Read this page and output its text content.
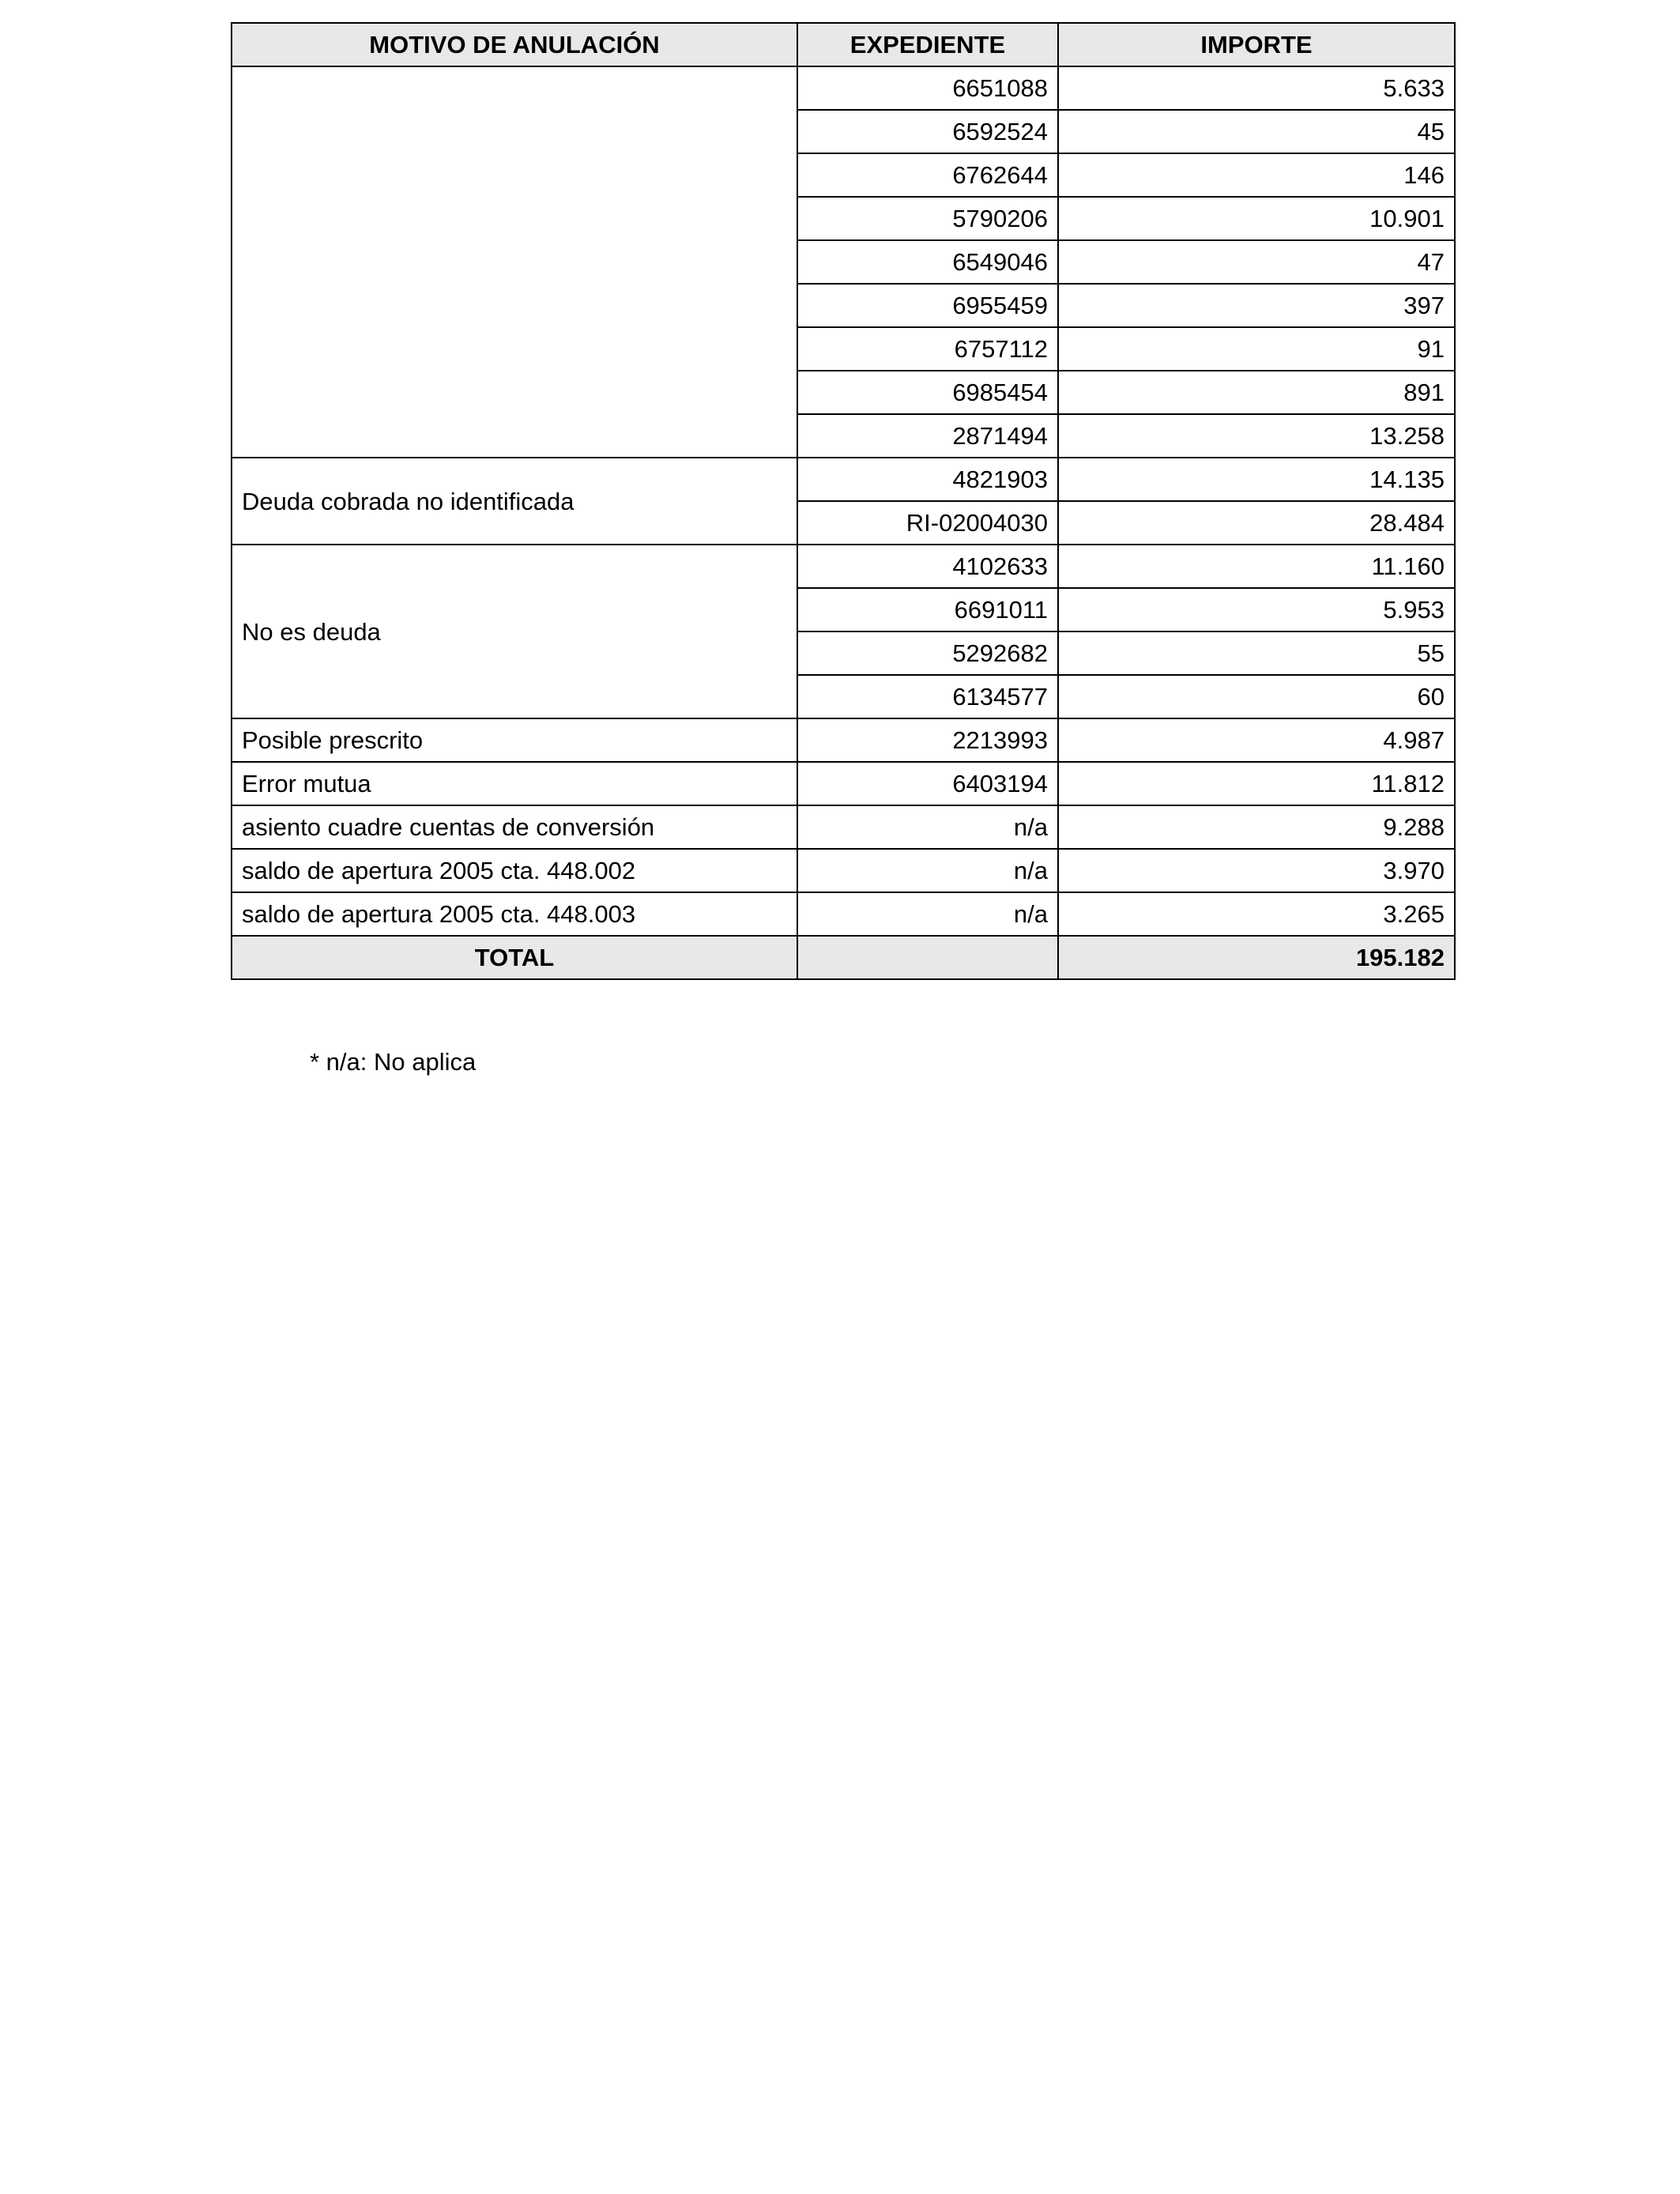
MOTIVO DE ANULACIÓN	EXPEDIENTE	IMPORTE
	6651088	5.633
	6592524	45
	6762644	146
	5790206	10.901
	6549046	47
	6955459	397
	6757112	91
	6985454	891
	2871494	13.258
Deuda cobrada no identificada	4821903	14.135
	RI-02004030	28.484
No es deuda	4102633	11.160
	6691011	5.953
	5292682	55
	6134577	60
Posible prescrito	2213993	4.987
Error mutua	6403194	11.812
asiento cuadre cuentas de conversión	n/a	9.288
saldo de apertura 2005 cta. 448.002	n/a	3.970
saldo de apertura 2005 cta. 448.003	n/a	3.265
TOTAL		195.182
* n/a: No aplica
